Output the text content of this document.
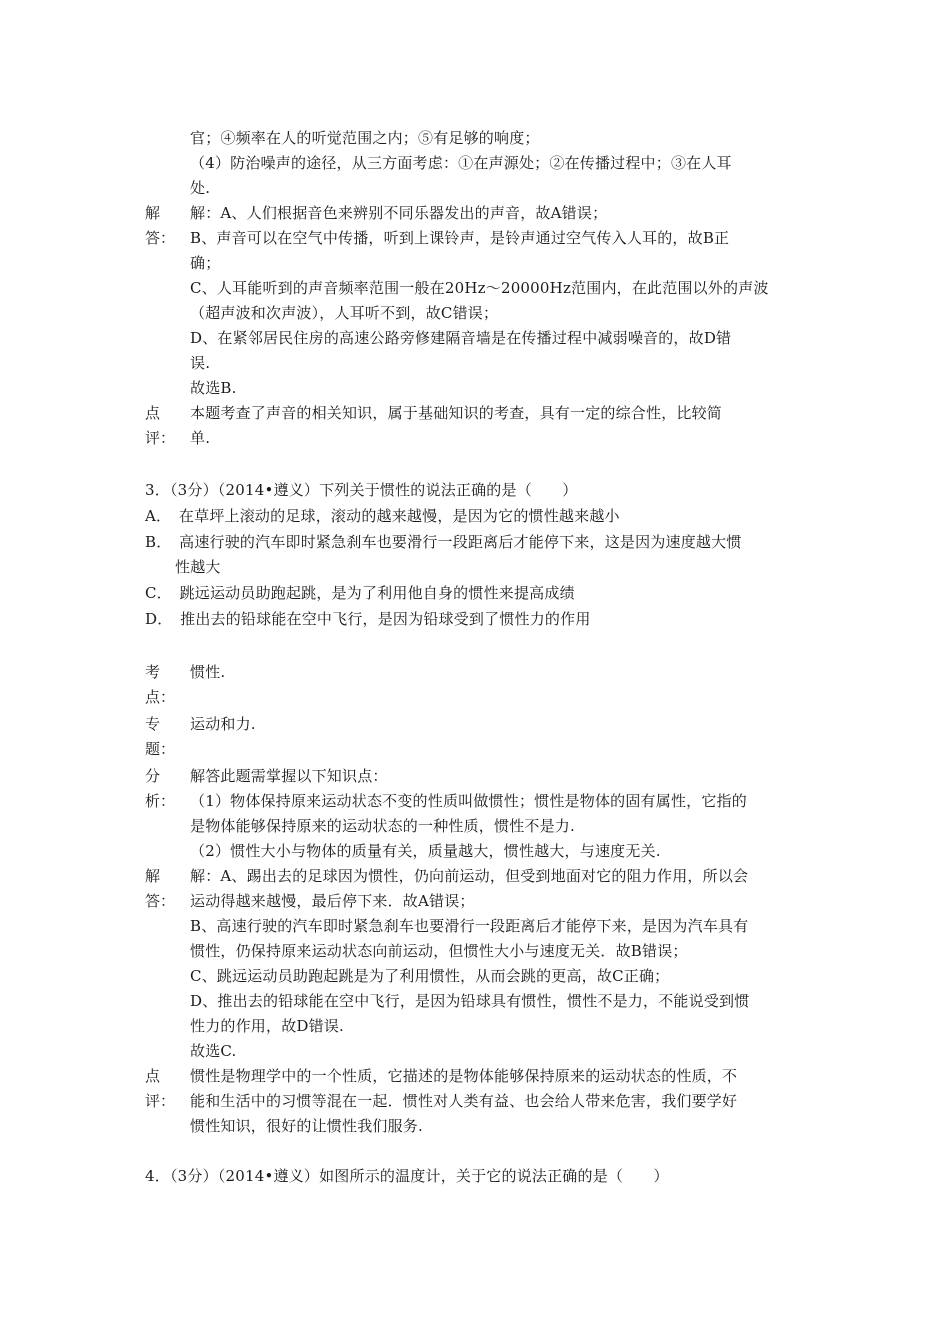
官；④频率在人的听觉范围之内；⑤有足够的响度；
（4）防治噪声的途径，从三方面考虑：①在声源处；②在传播过程中；③在人耳
处.
解
答：
解：A、人们根据音色来辨别不同乐器发出的声音，故A错误；
B、声音可以在空气中传播，听到上课铃声，是铃声通过空气传入人耳的，故B正
确；
C、人耳能听到的声音频率范围一般在20Hz～20000Hz范围内，在此范围以外的声波
（超声波和次声波），人耳听不到，故C错误；
D、在紧邻居民住房的高速公路旁修建隔音墙是在传播过程中减弱噪音的，故D错
误.
故选B.
点
评：
本题考查了声音的相关知识，属于基础知识的考查，具有一定的综合性，比较简
单.
3．（3分）（2014•遵义）下列关于惯性的说法正确的是（　　）
A．　在草坪上滚动的足球，滚动的越来越慢，是因为它的惯性越来越小
B．　高速行驶的汽车即时紧急刹车也要滑行一段距离后才能停下来，这是因为速度越大惯
性越大
C．　跳远运动员助跑起跳，是为了利用他自身的惯性来提高成绩
D．　推出去的铅球能在空中飞行，是因为铅球受到了惯性力的作用
考
点：
惯性.
专
题：
运动和力.
分
析：
解答此题需掌握以下知识点：
（1）物体保持原来运动状态不变的性质叫做惯性；惯性是物体的固有属性，它指的
是物体能够保持原来的运动状态的一种性质，惯性不是力.
（2）惯性大小与物体的质量有关，质量越大，惯性越大，与速度无关.
解
答：
解：A、踢出去的足球因为惯性，仍向前运动，但受到地面对它的阻力作用，所以会
运动得越来越慢，最后停下来．故A错误；
B、高速行驶的汽车即时紧急刹车也要滑行一段距离后才能停下来，是因为汽车具有
惯性，仍保持原来运动状态向前运动，但惯性大小与速度无关．故B错误；
C、跳远运动员助跑起跳是为了利用惯性，从而会跳的更高，故C正确；
D、推出去的铅球能在空中飞行，是因为铅球具有惯性，惯性不是力，不能说受到惯
性力的作用，故D错误.
故选C.
点
评：
惯性是物理学中的一个性质，它描述的是物体能够保持原来的运动状态的性质，不
能和生活中的习惯等混在一起．惯性对人类有益、也会给人带来危害，我们要学好
惯性知识，很好的让惯性我们服务.
4．（3分）（2014•遵义）如图所示的温度计，关于它的说法正确的是（　　）
